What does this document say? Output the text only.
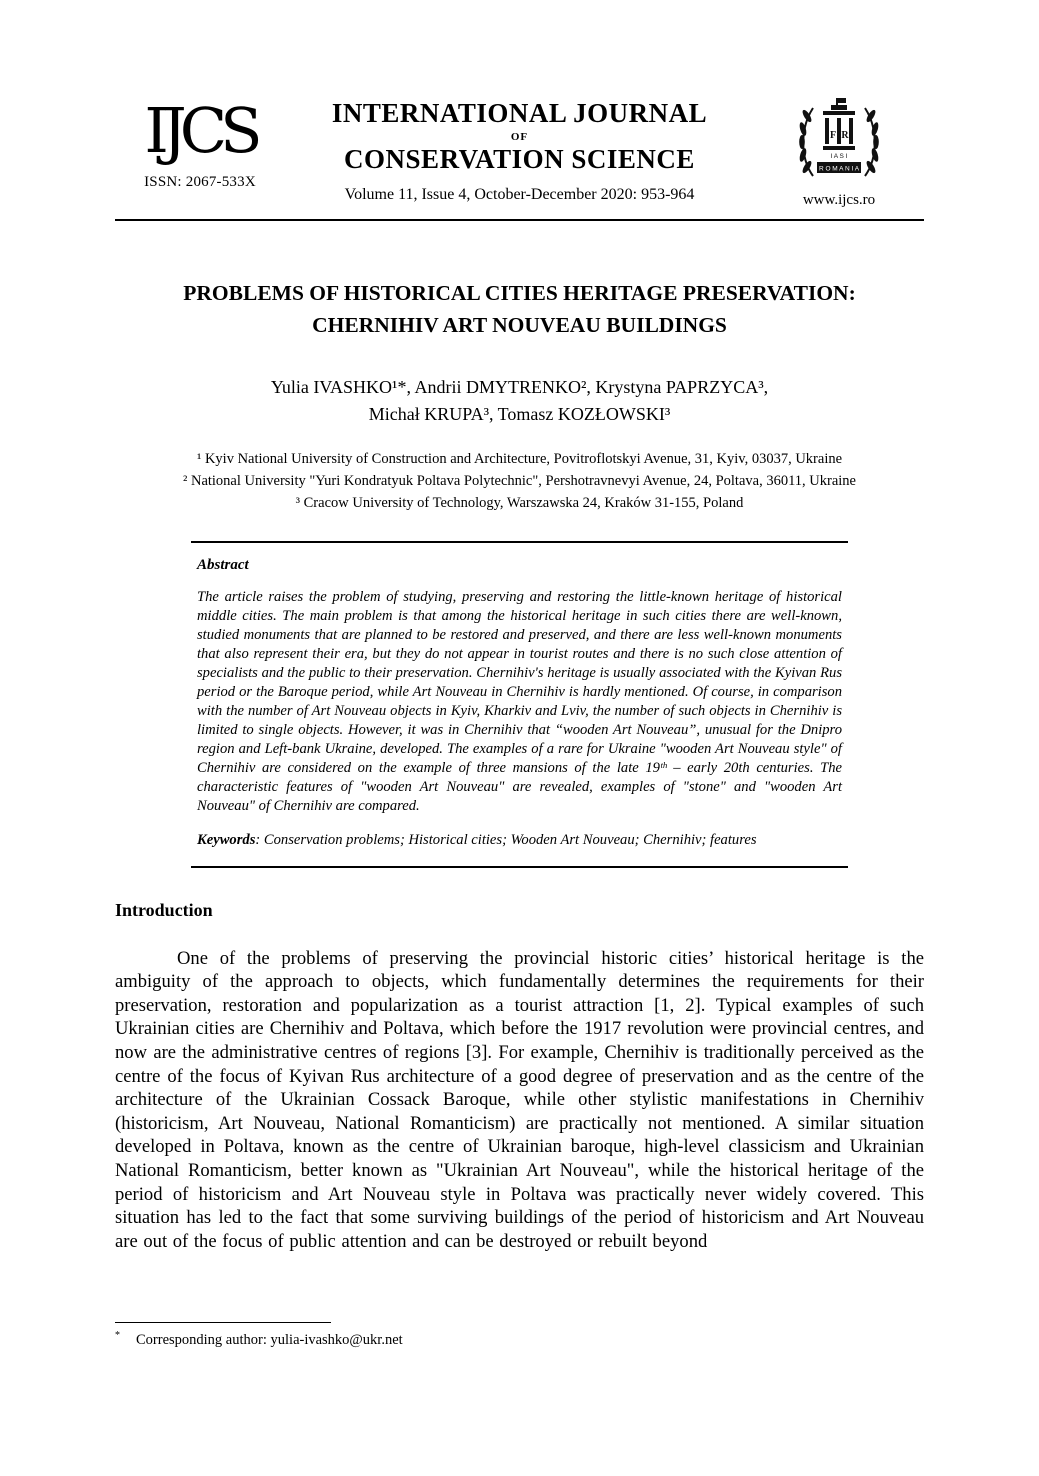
IJCS
ISSN: 2067-533X
INTERNATIONAL JOURNAL
OF
CONSERVATION SCIENCE
Volume 11, Issue 4, October-December 2020: 953-964
F R
I A S I
R O M A N I A
www.ijcs.ro
PROBLEMS OF HISTORICAL CITIES HERITAGE PRESERVATION:
CHERNIHIV ART NOUVEAU BUILDINGS
Yulia IVASHKO¹*, Andrii DMYTRENKO², Krystyna PAPRZYCA³,
Michał KRUPA³, Tomasz KOZŁOWSKI³
¹ Kyiv National University of Construction and Architecture, Povitroflotskyi Avenue, 31, Kyiv, 03037, Ukraine
² National University "Yuri Kondratyuk Poltava Polytechnic", Pershotravnevyi Avenue, 24, Poltava, 36011, Ukraine
³ Cracow University of Technology, Warszawska 24, Kraków 31-155, Poland
Abstract

The article raises the problem of studying, preserving and restoring the little-known heritage of historical middle cities. The main problem is that among the historical heritage in such cities there are well-known, studied monuments that are planned to be restored and preserved, and there are less well-known monuments that also represent their era, but they do not appear in tourist routes and there is no such close attention of specialists and the public to their preservation. Chernihiv's heritage is usually associated with the Kyivan Rus period or the Baroque period, while Art Nouveau in Chernihiv is hardly mentioned. Of course, in comparison with the number of Art Nouveau objects in Kyiv, Kharkiv and Lviv, the number of such objects in Chernihiv is limited to single objects. However, it was in Chernihiv that “wooden Art Nouveau”, unusual for the Dnipro region and Left-bank Ukraine, developed. The examples of a rare for Ukraine "wooden Art Nouveau style" of Chernihiv are considered on the example of three mansions of the late 19ᵗʰ – early 20th centuries. The characteristic features of "wooden Art Nouveau" are revealed, examples of "stone" and "wooden Art Nouveau" of Chernihiv are compared.

Keywords: Conservation problems; Historical cities; Wooden Art Nouveau; Chernihiv; features

Introduction

One of the problems of preserving the provincial historic cities’ historical heritage is the ambiguity of the approach to objects, which fundamentally determines the requirements for their preservation, restoration and popularization as a tourist attraction [1, 2]. Typical examples of such Ukrainian cities are Chernihiv and Poltava, which before the 1917 revolution were provincial centres, and now are the administrative centres of regions [3]. For example, Chernihiv is traditionally perceived as the centre of the focus of Kyivan Rus architecture of a good degree of preservation and as the centre of the architecture of the Ukrainian Cossack Baroque, while other stylistic manifestations in Chernihiv (historicism, Art Nouveau, National Romanticism) are practically not mentioned. A similar situation developed in Poltava, known as the centre of Ukrainian baroque, high-level classicism and Ukrainian National Romanticism, better known as "Ukrainian Art Nouveau", while the historical heritage of the period of historicism and Art Nouveau style in Poltava was practically never widely covered. This situation has led to the fact that some surviving buildings of the period of historicism and Art Nouveau are out of the focus of public attention and can be destroyed or rebuilt beyond

* Corresponding author: yulia-ivashko@ukr.net
